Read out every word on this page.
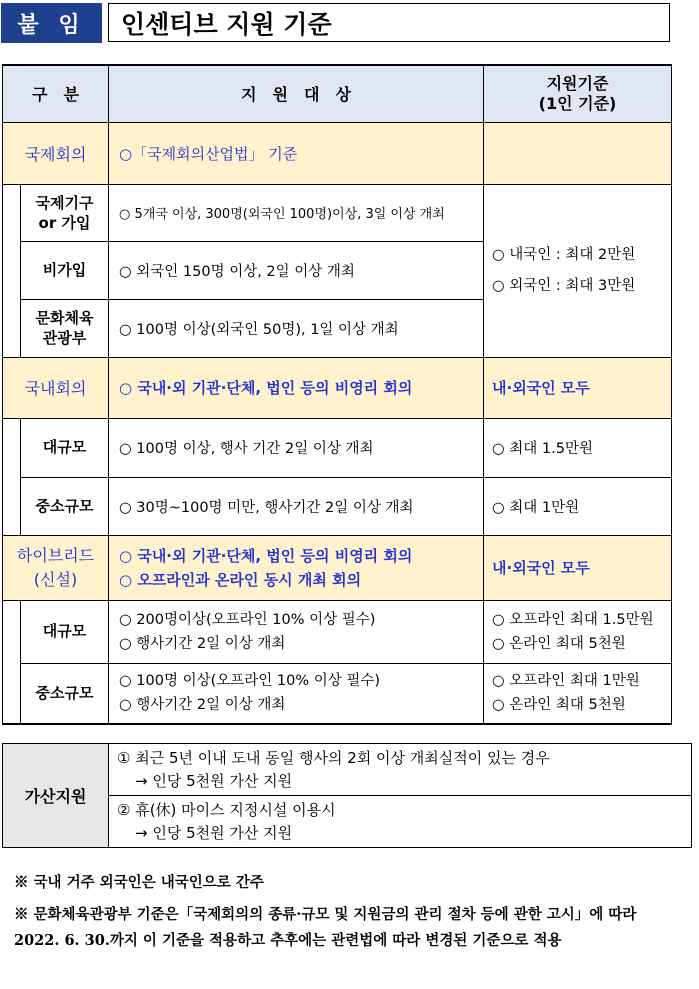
붙 임	인센티브 지원 기준
구　분		지　원　대　상	지원기준
(1인 기준)

국제회의		○「국제회의산업법」 기준	

	국제기구
or 가입	○ 5개국 이상, 300명(외국인 100명)이상, 3일 이상 개최	○ 내국인 : 최대 2만원
○ 외국인 : 최대 3만원

	비가입	○ 외국인 150명 이상, 2일 이상 개최	

	문화체육
관광부	○ 100명 이상(외국인 50명), 1일 이상 개최	
국내회의		○ 국내·외 기관·단체, 법인 등의 비영리 회의	내·외국인 모두
	대규모	○ 100명 이상, 행사 기간 2일 이상 개최	○ 최대 1.5만원
	중소규모	○ 30명~100명 미만, 행사기간 2일 이상 개최	○ 최대 1만원

하이브리드
(신설)		○ 국내·외 기관·단체, 법인 등의 비영리 회의
○ 오프라인과 온라인 동시 개최 회의	내·외국인 모두
	대규모	○ 200명이상(오프라인 10% 이상 필수)
○ 행사기간 2일 이상 개최	○ 오프라인 최대 1.5만원
○ 온라인 최대 5천원

	중소규모	○ 100명 이상(오프라인 10% 이상 필수)
○ 행사기간 2일 이상 개최	○ 오프라인 최대 1만원
○ 온라인 최대 5천원
가산지원	
① 최근 5년 이내 도내 동일 행사의 2회 이상 개최실적이 있는 경우
→ 인당 5천원 가산 지원

② 휴(休) 마이스 지정시설 이용시
→ 인당 5천원 가산 지원
※ 국내 거주 외국인은 내국인으로 간주
※ 문화체육관광부 기준은「국제회의의 종류·규모 및 지원금의 관리 절차 등에 관한 고시」에 따라 2022. 6. 30.까지 이 기준을 적용하고 추후에는 관련법에 따라 변경된 기준으로 적용
